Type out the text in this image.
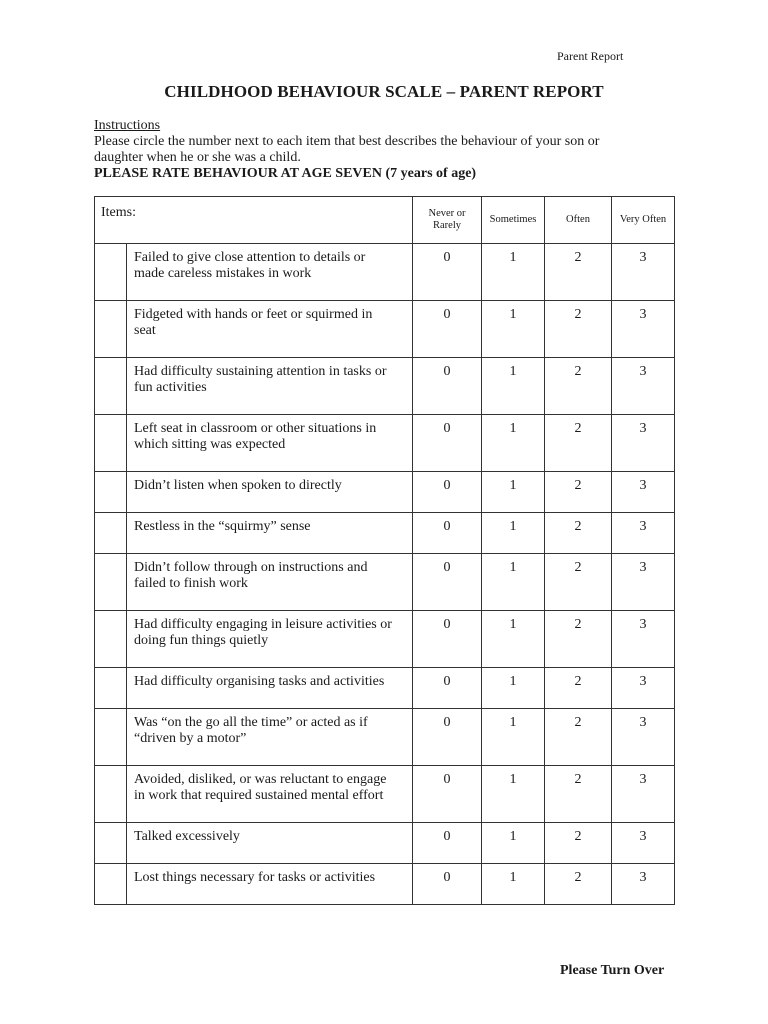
Parent Report
CHILDHOOD BEHAVIOUR SCALE – PARENT REPORT
Instructions
Please circle the number next to each item that best describes the behaviour of your son or
daughter when he or she was a child.
PLEASE RATE BEHAVIOUR AT AGE SEVEN (7 years of age)
Items:		Never or
Rarely	Sometimes	Often	Very Often

	Failed to give close attention to details or
made careless mistakes in work	0	1	2	3

	Fidgeted with hands or feet or squirmed in
seat	0	1	2	3

	Had difficulty sustaining attention in tasks or
fun activities	0	1	2	3

	Left seat in classroom or other situations in
which sitting was expected	0	1	2	3

	Didn’t listen when spoken to directly	0	1	2	3

	Restless in the “squirmy” sense	0	1	2	3

	Didn’t follow through on instructions and
failed to finish work	0	1	2	3

	Had difficulty engaging in leisure activities or
doing fun things quietly	0	1	2	3

	Had difficulty organising tasks and activities	0	1	2	3

	Was “on the go all the time” or acted as if
“driven by a motor”	0	1	2	3

	Avoided, disliked, or was reluctant to engage
in work that required sustained mental effort	0	1	2	3

	Talked excessively	0	1	2	3

	Lost things necessary for tasks or activities	0	1	2	3
Please Turn Over
